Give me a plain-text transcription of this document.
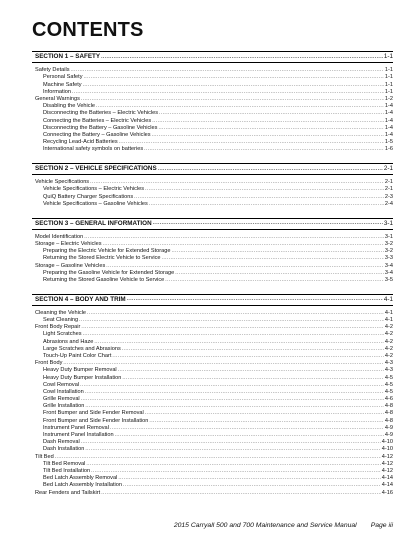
CONTENTS
SECTION 1 – SAFETY .....	1-1
Safety Details .....	1-1
Personal Safety .....	1-1
Machine Safety .....	1-1
Information .....	1-1
General Warnings .....	1-2
Disabling the Vehicle .....	1-4
Disconnecting the Batteries – Electric Vehicles .....	1-4
Connecting the Batteries – Electric Vehicles .....	1-4
Disconnecting the Battery – Gasoline Vehicles .....	1-4
Connecting the Battery – Gasoline Vehicles .....	1-4
Recycling Lead-Acid Batteries .....	1-5
International safety symbols on batteries .....	1-6
SECTION 2 – VEHICLE SPECIFICATIONS .....	2-1
Vehicle Specifications .....	2-1
Vehicle Specifications – Electric Vehicles .....	2-1
QuiQ Battery Charger Specifications .....	2-3
Vehicle Specifications – Gasoline Vehicles .....	2-4
SECTION 3 – GENERAL INFORMATION .....	3-1
Model Identification .....	3-1
Storage – Electric Vehicles .....	3-2
Preparing the Electric Vehicle for Extended Storage .....	3-2
Returning the Stored Electric Vehicle to Service .....	3-3
Storage – Gasoline Vehicles .....	3-4
Preparing the Gasoline Vehicle for Extended Storage .....	3-4
Returning the Stored Gasoline Vehicle to Service .....	3-5
SECTION 4 – BODY AND TRIM .....	4-1
Cleaning the Vehicle .....	4-1
Seat Cleaning .....	4-1
Front Body Repair .....	4-2
Light Scratches .....	4-2
Abrasions and Haze .....	4-2
Large Scratches and Abrasions .....	4-2
Touch-Up Paint Color Chart .....	4-2
Front Body .....	4-3
Heavy Duty Bumper Removal .....	4-3
Heavy Duty Bumper Installation .....	4-5
Cowl Removal .....	4-5
Cowl Installation .....	4-5
Grille Removal .....	4-6
Grille Installation .....	4-8
Front Bumper and Side Fender Removal .....	4-8
Front Bumper and Side Fender Installation .....	4-8
Instrument Panel Removal .....	4-9
Instrument Panel Installation .....	4-9
Dash Removal .....	4-10
Dash Installation .....	4-10
Tilt Bed .....	4-12
Tilt Bed Removal .....	4-12
Tilt Bed Installation .....	4-12
Bed Latch Assembly Removal .....	4-14
Bed Latch Assembly Installation .....	4-14
Rear Fenders and Tailskirt .....	4-16
2015 Carryall 500 and 700 Maintenance and Service Manual Page iii
